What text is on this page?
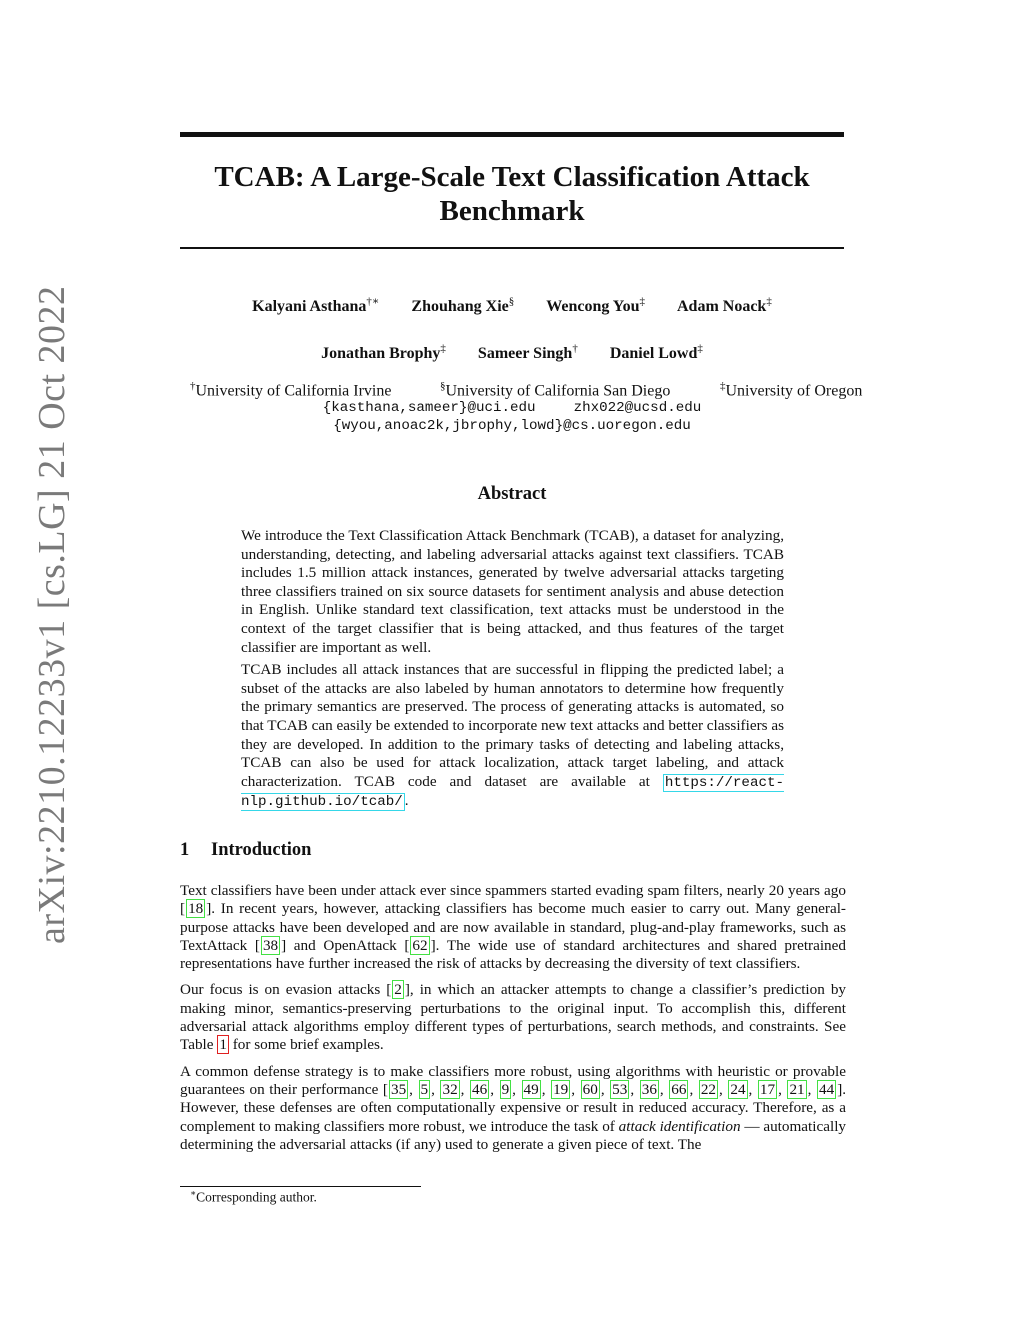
arXiv:2210.12233v1 [cs.LG] 21 Oct 2022
TCAB: A Large-Scale Text Classification Attack
Benchmark
Kalyani Asthana†∗ Zhouhang Xie§ Wencong You‡ Adam Noack‡
Jonathan Brophy‡ Sameer Singh† Daniel Lowd‡
†University of California Irvine	§University of California San Diego	‡University of Oregon
{kasthana,sameer}@uci.edu	zhx022@ucsd.edu
{wyou,anoac2k,jbrophy,lowd}@cs.uoregon.edu
Abstract

We introduce the Text Classification Attack Benchmark (TCAB), a dataset for analyzing, understanding, detecting, and labeling adversarial attacks against text classifiers. TCAB includes 1.5 million attack instances, generated by twelve adversarial attacks targeting three classifiers trained on six source datasets for sentiment analysis and abuse detection in English. Unlike standard text classification, text attacks must be understood in the context of the target classifier that is being attacked, and thus features of the target classifier are important as well.

TCAB includes all attack instances that are successful in flipping the predicted label; a subset of the attacks are also labeled by human annotators to determine how frequently the primary semantics are preserved. The process of generating attacks is automated, so that TCAB can easily be extended to incorporate new text attacks and better classifiers as they are developed. In addition to the primary tasks of detecting and labeling attacks, TCAB can also be used for attack localization, attack target labeling, and attack characterization. TCAB code and dataset are available at https://react-nlp.github.io/tcab/ .

1 Introduction

Text classifiers have been under attack ever since spammers started evading spam filters, nearly 20 years ago [ 18 ]. In recent years, however, attacking classifiers has become much easier to carry out. Many general-purpose attacks have been developed and are now available in standard, plug-and-play frameworks, such as TextAttack [ 38 ] and OpenAttack [ 62 ]. The wide use of standard architectures and shared pretrained representations have further increased the risk of attacks by decreasing the diversity of text classifiers.

Our focus is on evasion attacks [ 2 ], in which an attacker attempts to change a classifier’s prediction by making minor, semantics-preserving perturbations to the original input. To accomplish this, different adversarial attack algorithms employ different types of perturbations, search methods, and constraints. See Table 1 for some brief examples.

A common defense strategy is to make classifiers more robust, using algorithms with heuristic or provable guarantees on their performance [ 35 , 5 , 32 , 46 , 9 , 49 , 19 , 60 , 53 , 36 , 66 , 22 , 24 , 17 , 21 , 44 ]. However, these defenses are often computationally expensive or result in reduced accuracy. Therefore, as a complement to making classifiers more robust, we introduce the task of attack identification — automatically determining the adversarial attacks (if any) used to generate a given piece of text. The

∗Corresponding author.
